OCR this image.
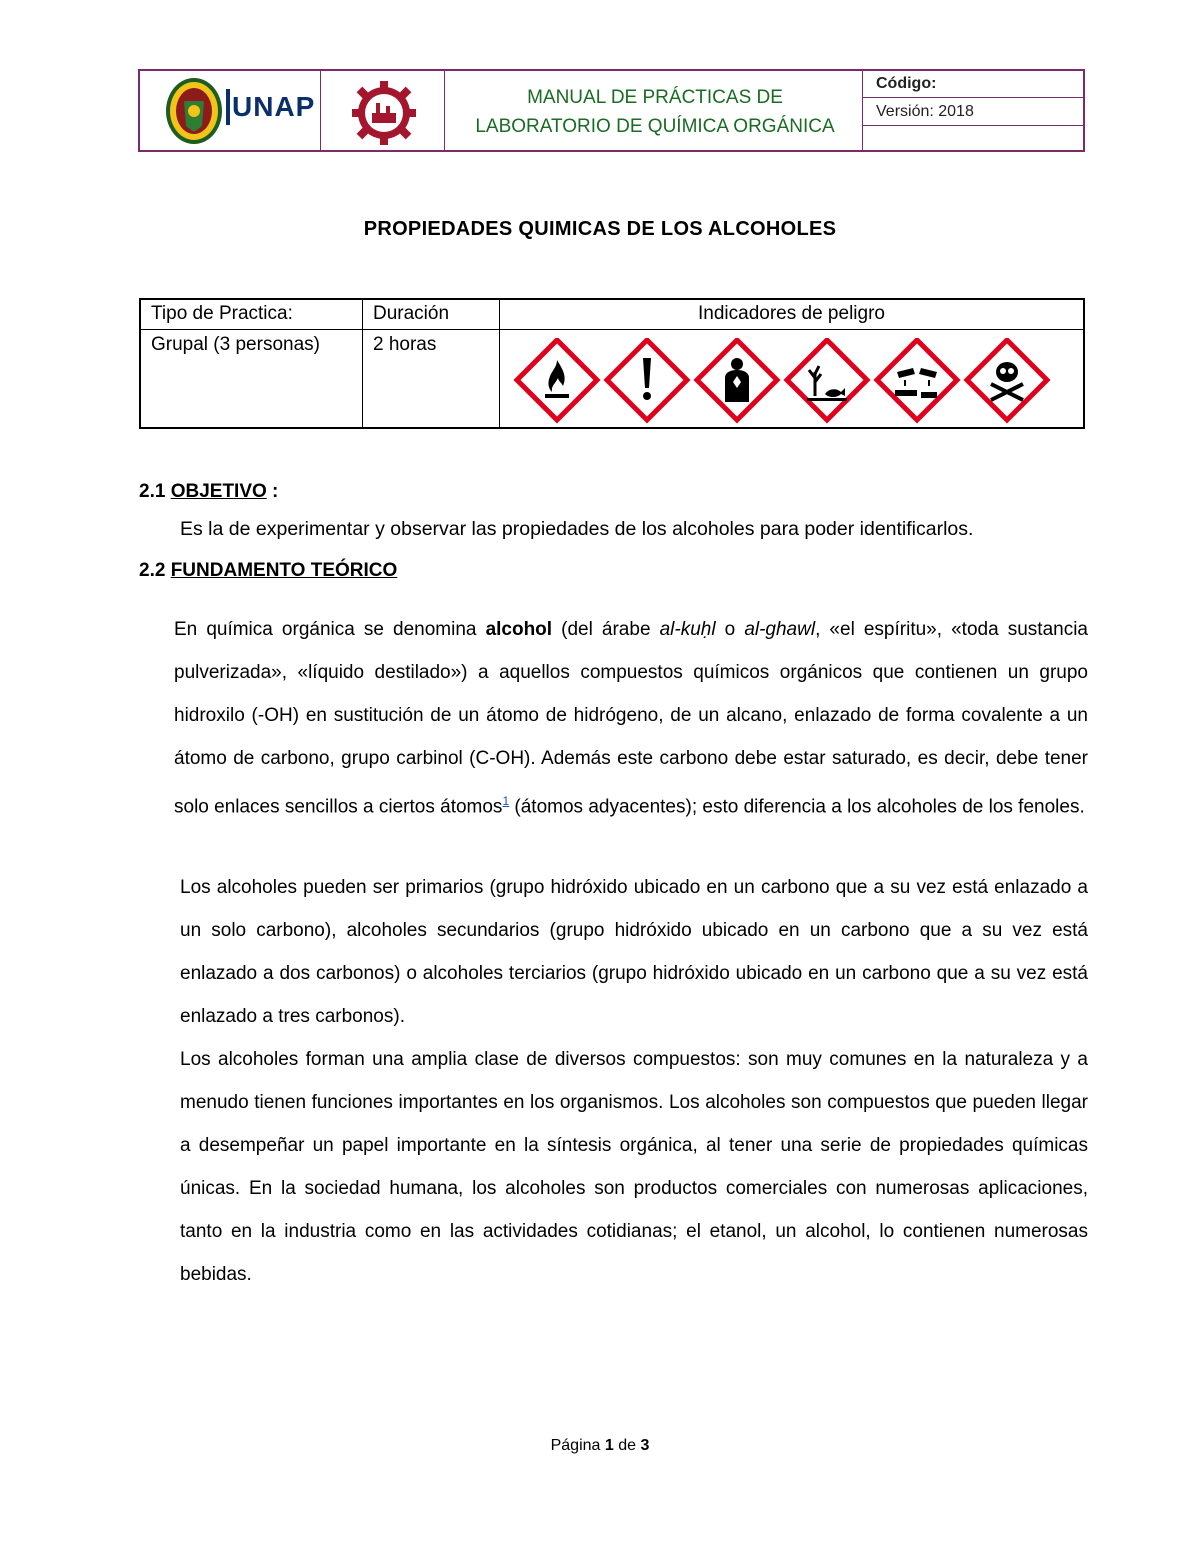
UNAP	MANUAL DE PRÁCTICAS DE
LABORATORIO DE QUÍMICA ORGÁNICA
Código:
Versión: 2018
PROPIEDADES QUIMICAS DE LOS ALCOHOLES
Tipo de Practica:	Duración	Indicadores de peligro
Grupal (3 personas)	2 horas
2.1 OBJETIVO :
Es la de experimentar y observar las propiedades de los alcoholes para poder identificarlos.
2.2 FUNDAMENTO TEÓRICO

En química orgánica se denomina alcohol (del árabe al-kuḥl o al-ghawl, «el espíritu», «toda sustancia pulverizada», «líquido destilado») a aquellos compuestos químicos orgánicos que contienen un grupo hidroxilo (-OH) en sustitución de un átomo de hidrógeno, de un alcano, enlazado de forma covalente a un átomo de carbono, grupo carbinol (C-OH). Además este carbono debe estar saturado, es decir, debe tener solo enlaces sencillos a ciertos átomos$^1$ (átomos adyacentes); esto diferencia a los alcoholes de los fenoles.

Los alcoholes pueden ser primarios (grupo hidróxido ubicado en un carbono que a su vez está enlazado a un solo carbono), alcoholes secundarios (grupo hidróxido ubicado en un carbono que a su vez está enlazado a dos carbonos) o alcoholes terciarios (grupo hidróxido ubicado en un carbono que a su vez está enlazado a tres carbonos).

Los alcoholes forman una amplia clase de diversos compuestos: son muy comunes en la naturaleza y a menudo tienen funciones importantes en los organismos. Los alcoholes son compuestos que pueden llegar a desempeñar un papel importante en la síntesis orgánica, al tener una serie de propiedades químicas únicas. En la sociedad humana, los alcoholes son productos comerciales con numerosas aplicaciones, tanto en la industria como en las actividades cotidianas; el etanol, un alcohol, lo contienen numerosas bebidas.

Página 1 de 3
